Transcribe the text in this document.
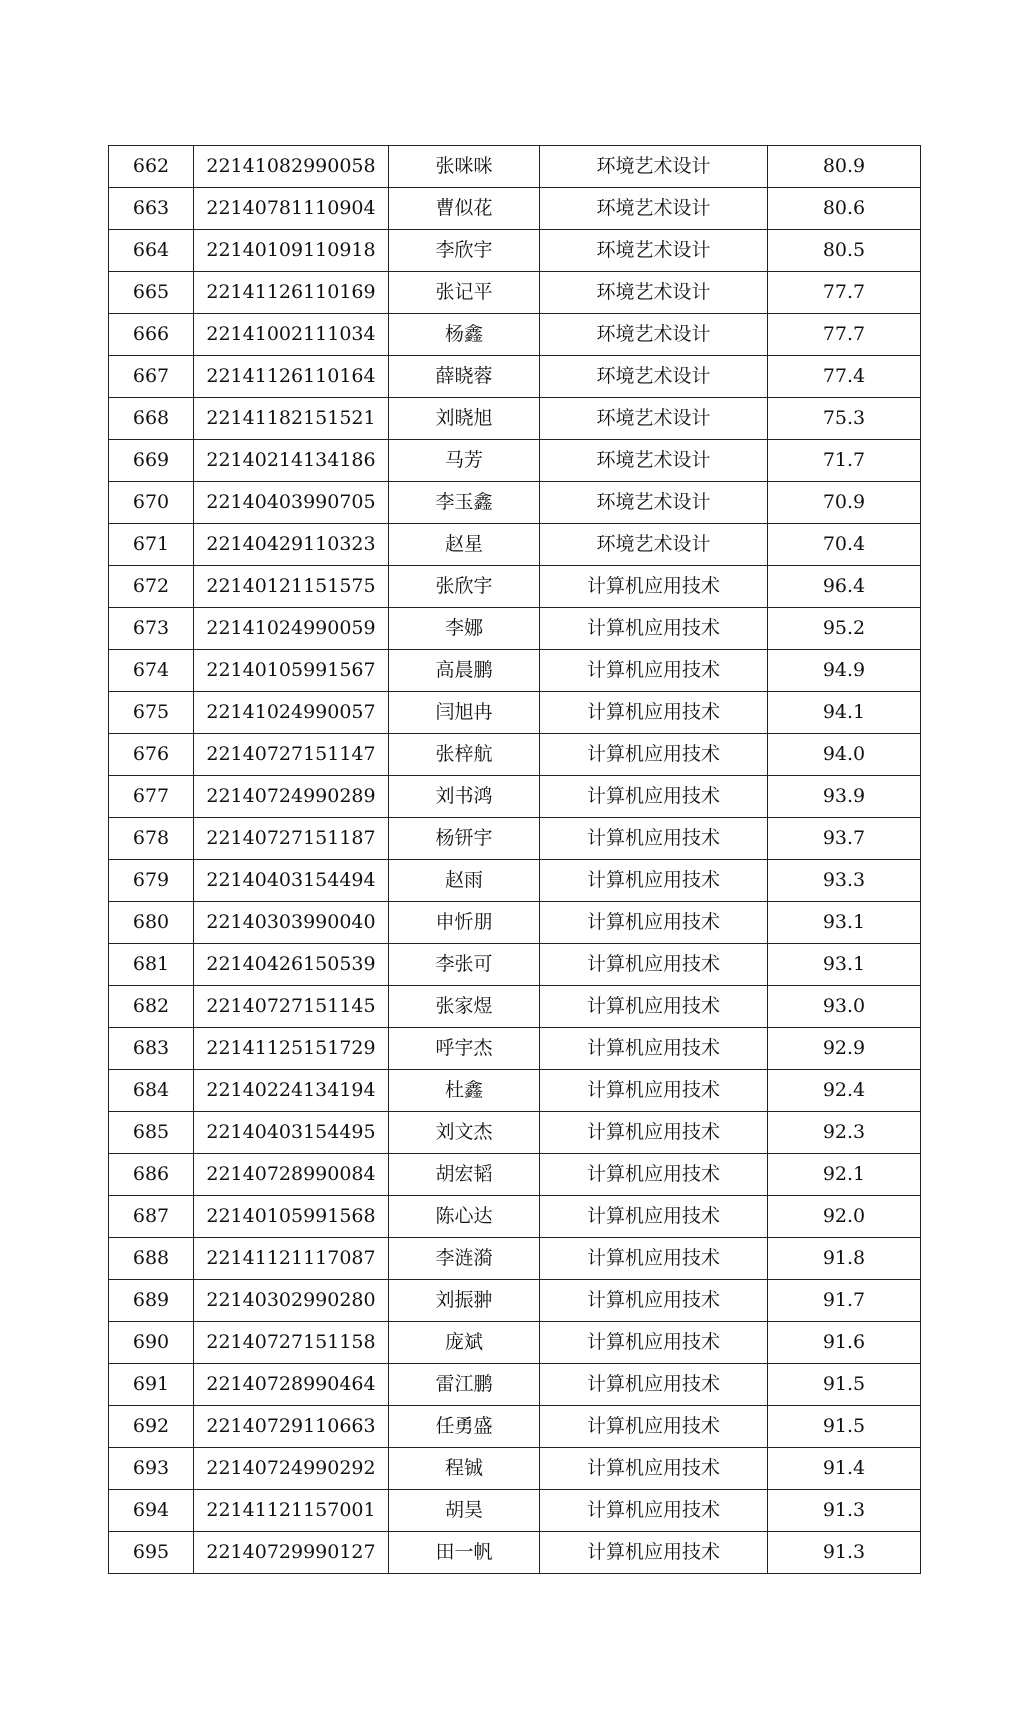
662	22141082990058	张咪咪	环境艺术设计	80.9
663	22140781110904	曹似花	环境艺术设计	80.6
664	22140109110918	李欣宇	环境艺术设计	80.5
665	22141126110169	张记平	环境艺术设计	77.7
666	22141002111034	杨鑫	环境艺术设计	77.7
667	22141126110164	薛晓蓉	环境艺术设计	77.4
668	22141182151521	刘晓旭	环境艺术设计	75.3
669	22140214134186	马芳	环境艺术设计	71.7
670	22140403990705	李玉鑫	环境艺术设计	70.9
671	22140429110323	赵星	环境艺术设计	70.4
672	22140121151575	张欣宇	计算机应用技术	96.4
673	22141024990059	李娜	计算机应用技术	95.2
674	22140105991567	高晨鹏	计算机应用技术	94.9
675	22141024990057	闫旭冉	计算机应用技术	94.1
676	22140727151147	张梓航	计算机应用技术	94.0
677	22140724990289	刘书鸿	计算机应用技术	93.9
678	22140727151187	杨钘宇	计算机应用技术	93.7
679	22140403154494	赵雨	计算机应用技术	93.3
680	22140303990040	申忻朋	计算机应用技术	93.1
681	22140426150539	李张可	计算机应用技术	93.1
682	22140727151145	张家煜	计算机应用技术	93.0
683	22141125151729	呼宇杰	计算机应用技术	92.9
684	22140224134194	杜鑫	计算机应用技术	92.4
685	22140403154495	刘文杰	计算机应用技术	92.3
686	22140728990084	胡宏韬	计算机应用技术	92.1
687	22140105991568	陈心达	计算机应用技术	92.0
688	22141121117087	李涟漪	计算机应用技术	91.8
689	22140302990280	刘振翀	计算机应用技术	91.7
690	22140727151158	庞斌	计算机应用技术	91.6
691	22140728990464	雷江鹏	计算机应用技术	91.5
692	22140729110663	任勇盛	计算机应用技术	91.5
693	22140724990292	程铖	计算机应用技术	91.4
694	22141121157001	胡昊	计算机应用技术	91.3
695	22140729990127	田一帆	计算机应用技术	91.3
